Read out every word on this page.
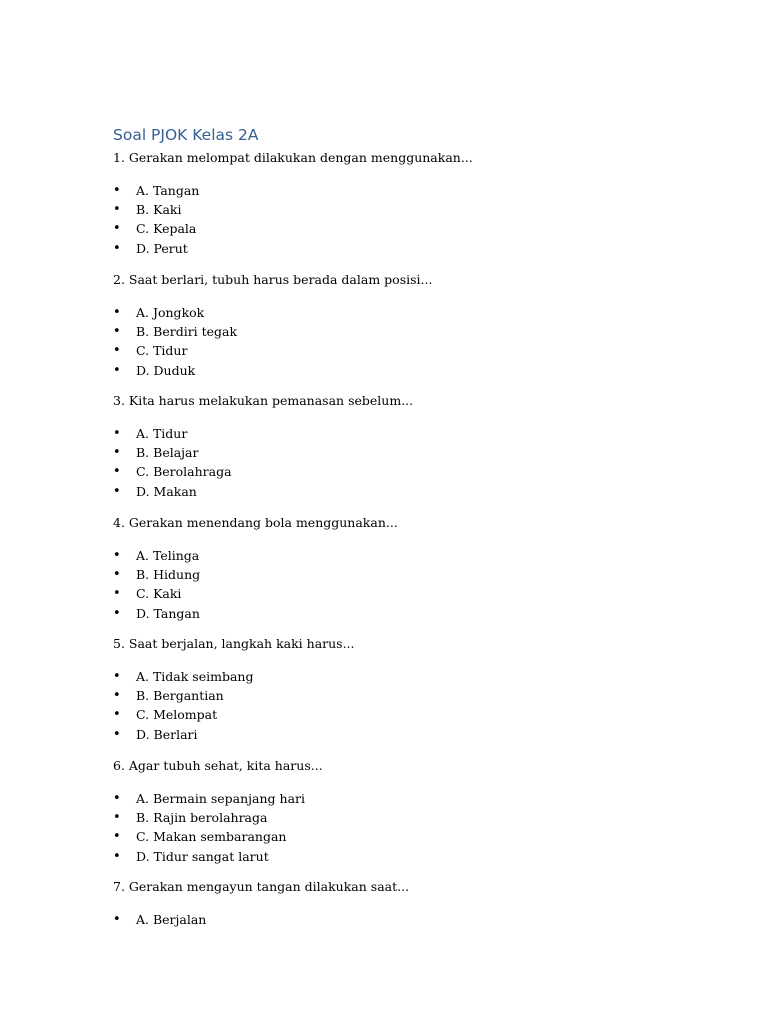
Soal PJOK Kelas 2A

1. Gerakan melompat dilakukan dengan menggunakan...

• A. Tangan
• B. Kaki
• C. Kepala
• D. Perut

2. Saat berlari, tubuh harus berada dalam posisi...

• A. Jongkok
• B. Berdiri tegak
• C. Tidur
• D. Duduk

3. Kita harus melakukan pemanasan sebelum...

• A. Tidur
• B. Belajar
• C. Berolahraga
• D. Makan

4. Gerakan menendang bola menggunakan...

• A. Telinga
• B. Hidung
• C. Kaki
• D. Tangan

5. Saat berjalan, langkah kaki harus...

• A. Tidak seimbang
• B. Bergantian
• C. Melompat
• D. Berlari

6. Agar tubuh sehat, kita harus...

• A. Bermain sepanjang hari
• B. Rajin berolahraga
• C. Makan sembarangan
• D. Tidur sangat larut

7. Gerakan mengayun tangan dilakukan saat...

• A. Berjalan
